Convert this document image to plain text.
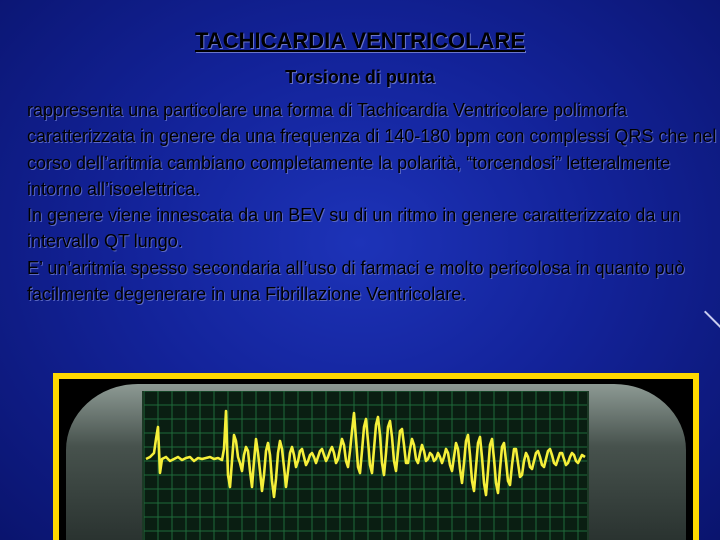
TACHICARDIA VENTRICOLARE
Torsione di punta
rappresenta una particolare una forma di Tachicardia Ventricolare polimorfa caratterizzata in genere da una frequenza di 140-180 bpm con complessi QRS che nel corso dell’aritmia cambiano completamente la polarità, “torcendosi” letteralmente intorno all’isoelettrica.
In genere viene innescata da un BEV su di un ritmo in genere caratterizzato da un intervallo QT lungo.
E’ un’aritmia spesso secondaria all’uso di farmaci e molto pericolosa in quanto può facilmente degenerare in una Fibrillazione Ventricolare.
